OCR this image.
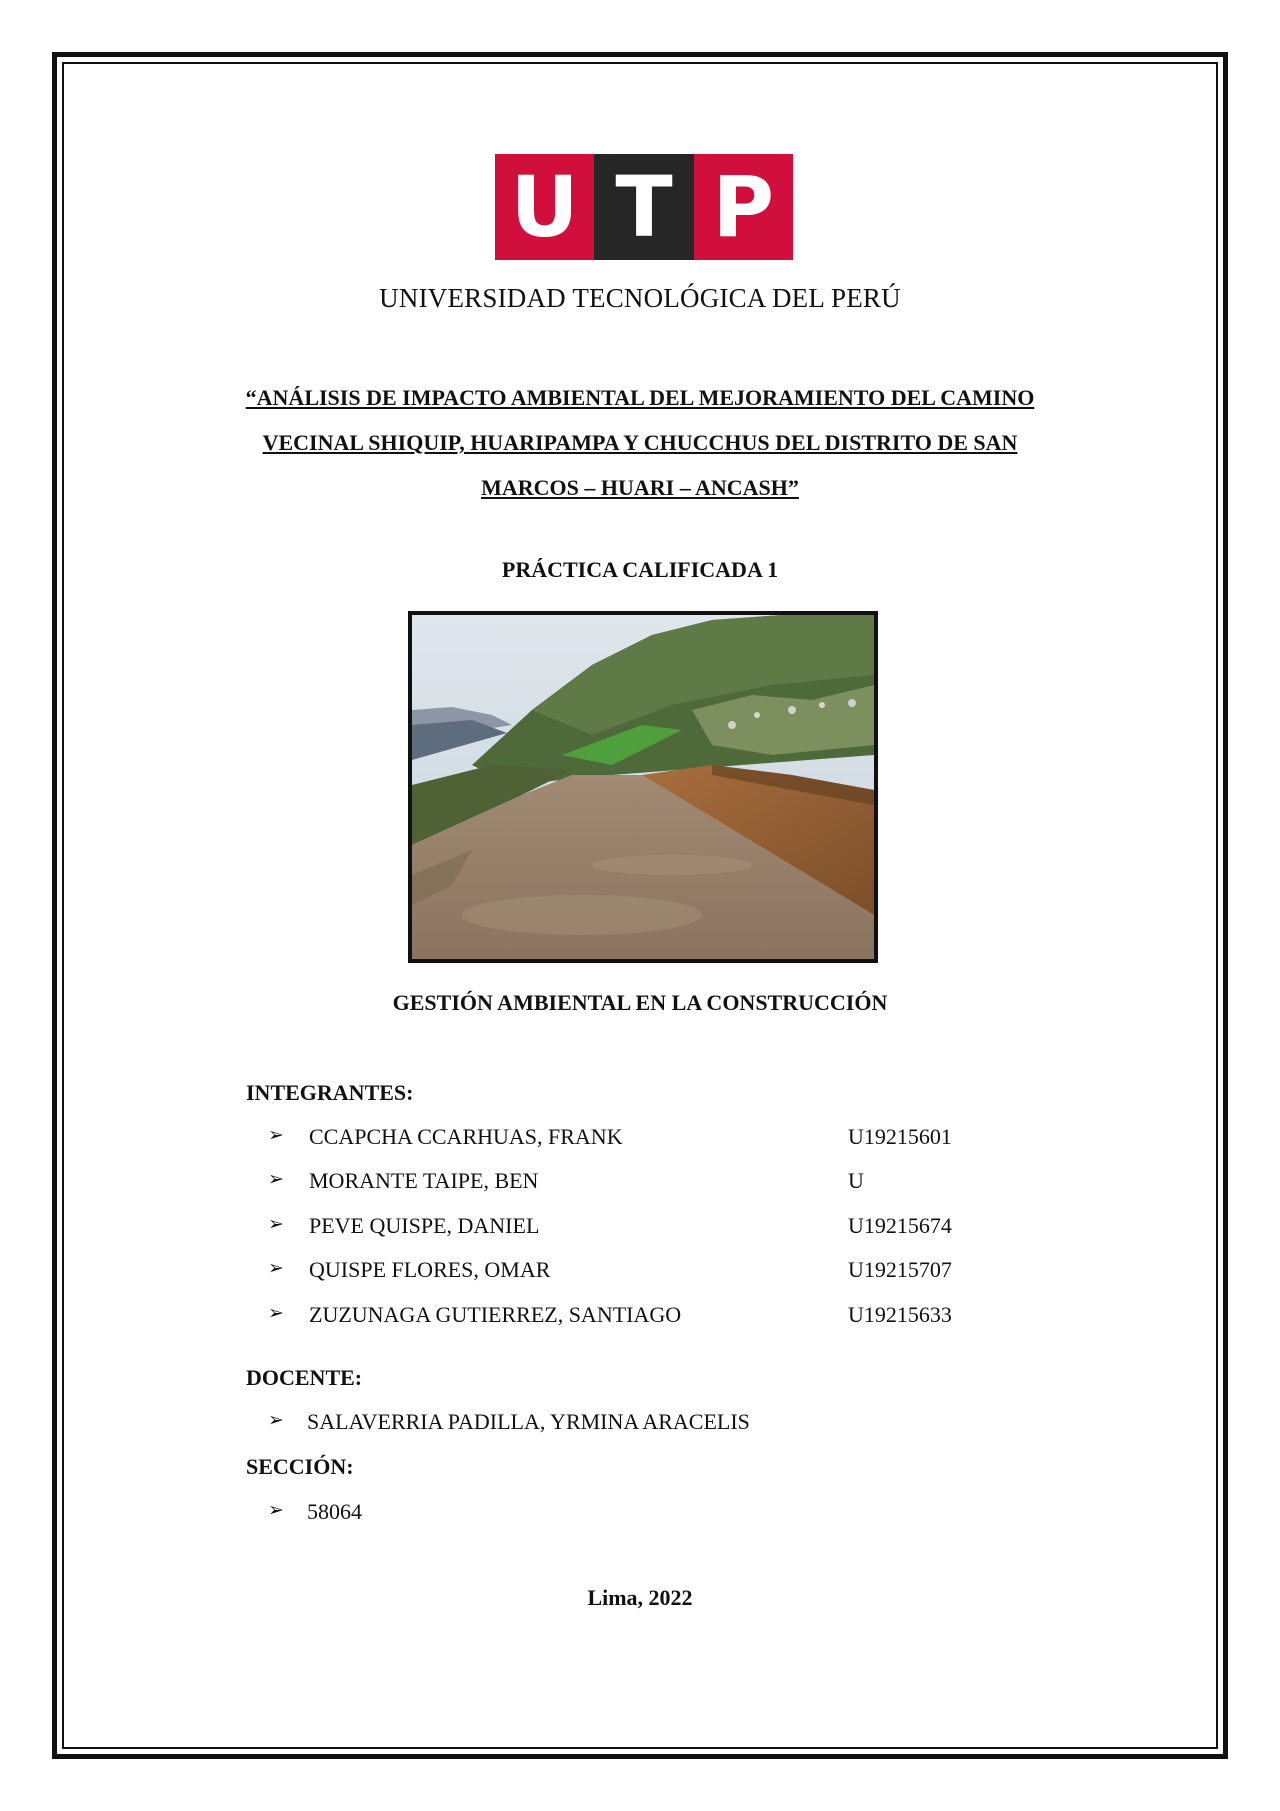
U T P
UNIVERSIDAD TECNOLÓGICA DEL PERÚ
“ANÁLISIS DE IMPACTO AMBIENTAL DEL MEJORAMIENTO DEL CAMINO
VECINAL SHIQUIP, HUARIPAMPA Y CHUCCHUS DEL DISTRITO DE SAN
MARCOS – HUARI – ANCASH”
PRÁCTICA CALIFICADA 1
GESTIÓN AMBIENTAL EN LA CONSTRUCCIÓN
INTEGRANTES:
➢ CCAPCHA CCARHUAS, FRANK	U19215601
➢ MORANTE TAIPE, BEN	U
➢ PEVE QUISPE, DANIEL	U19215674
➢ QUISPE FLORES, OMAR	U19215707
➢ ZUZUNAGA GUTIERREZ, SANTIAGO	U19215633
DOCENTE:
➢ SALAVERRIA PADILLA, YRMINA ARACELIS
SECCIÓN:
➢ 58064
Lima, 2022
